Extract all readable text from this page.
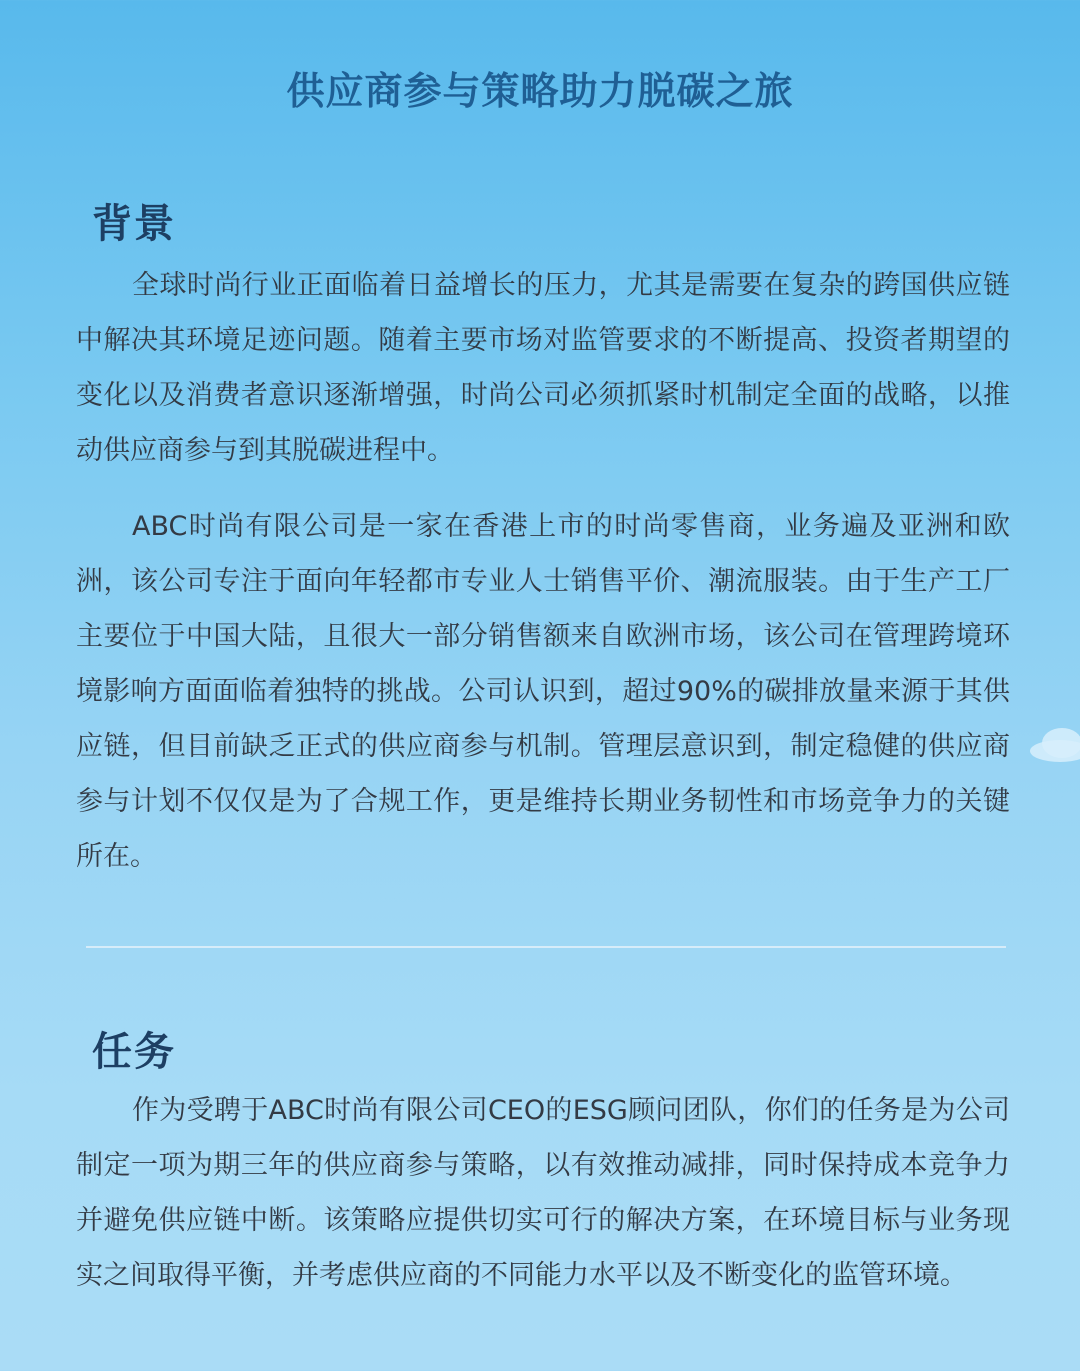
供应商参与策略助力脱碳之旅
背景

全球时尚行业正面临着日益增长的压力，尤其是需要在复杂的跨国供应链中解决其环境足迹问题。随着主要市场对监管要求的不断提高、投资者期望的变化以及消费者意识逐渐增强，时尚公司必须抓紧时机制定全面的战略，以推动供应商参与到其脱碳进程中。

ABC时尚有限公司是一家在香港上市的时尚零售商，业务遍及亚洲和欧洲，该公司专注于面向年轻都市专业人士销售平价、潮流服装。由于生产工厂主要位于中国大陆，且很大一部分销售额来自欧洲市场，该公司在管理跨境环境影响方面面临着独特的挑战。公司认识到，超过90%的碳排放量来源于其供应链，但目前缺乏正式的供应商参与机制。管理层意识到，制定稳健的供应商参与计划不仅仅是为了合规工作，更是维持长期业务韧性和市场竞争力的关键所在。

任务

作为受聘于ABC时尚有限公司CEO的ESG顾问团队，你们的任务是为公司制定一项为期三年的供应商参与策略，以有效推动减排，同时保持成本竞争力并避免供应链中断。该策略应提供切实可行的解决方案，在环境目标与业务现实之间取得平衡，并考虑供应商的不同能力水平以及不断变化的监管环境。
